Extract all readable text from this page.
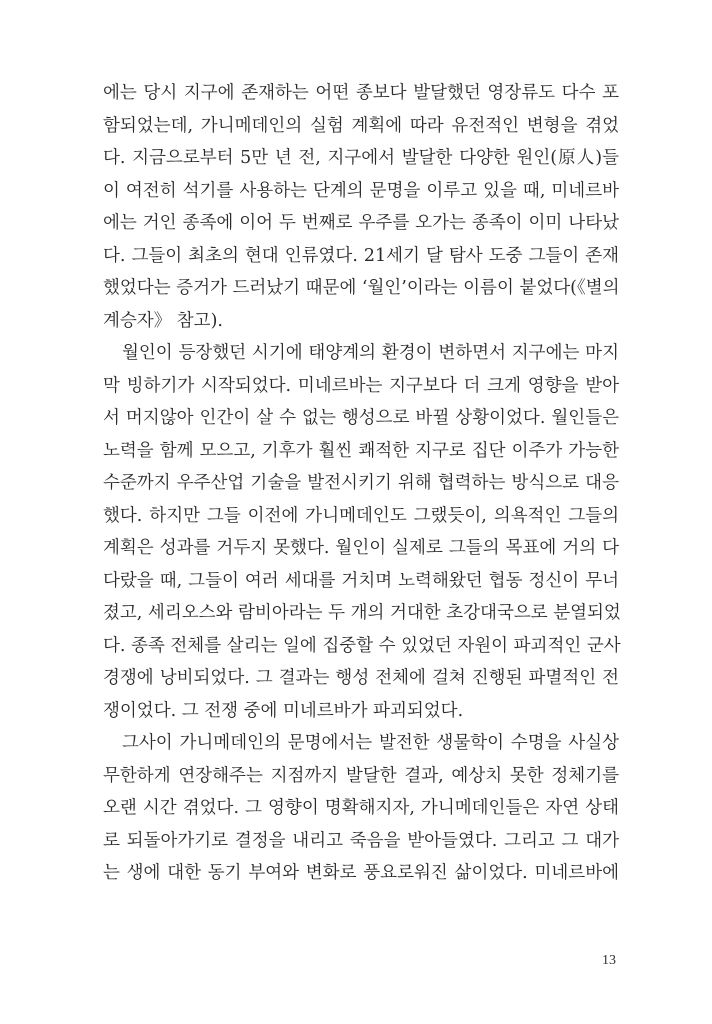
에는 당시 지구에 존재하는 어떤 종보다 발달했던 영장류도 다수 포
함되었는데, 가니메데인의 실험 계획에 따라 유전적인 변형을 겪었
다. 지금으로부터 5만 년 전, 지구에서 발달한 다양한 원인(原人)들
이 여전히 석기를 사용하는 단계의 문명을 이루고 있을 때, 미네르바
에는 거인 종족에 이어 두 번째로 우주를 오가는 종족이 이미 나타났
다. 그들이 최초의 현대 인류였다. 21세기 달 탐사 도중 그들이 존재
했었다는 증거가 드러났기 때문에 ‘월인’이라는 이름이 붙었다(《별의
계승자》 참고).
월인이 등장했던 시기에 태양계의 환경이 변하면서 지구에는 마지
막 빙하기가 시작되었다. 미네르바는 지구보다 더 크게 영향을 받아
서 머지않아 인간이 살 수 없는 행성으로 바뀔 상황이었다. 월인들은
노력을 함께 모으고, 기후가 훨씬 쾌적한 지구로 집단 이주가 가능한
수준까지 우주산업 기술을 발전시키기 위해 협력하는 방식으로 대응
했다. 하지만 그들 이전에 가니메데인도 그랬듯이, 의욕적인 그들의
계획은 성과를 거두지 못했다. 월인이 실제로 그들의 목표에 거의 다
다랐을 때, 그들이 여러 세대를 거치며 노력해왔던 협동 정신이 무너
졌고, 세리오스와 람비아라는 두 개의 거대한 초강대국으로 분열되었
다. 종족 전체를 살리는 일에 집중할 수 있었던 자원이 파괴적인 군사
경쟁에 낭비되었다. 그 결과는 행성 전체에 걸쳐 진행된 파멸적인 전
쟁이었다. 그 전쟁 중에 미네르바가 파괴되었다.
그사이 가니메데인의 문명에서는 발전한 생물학이 수명을 사실상
무한하게 연장해주는 지점까지 발달한 결과, 예상치 못한 정체기를
오랜 시간 겪었다. 그 영향이 명확해지자, 가니메데인들은 자연 상태
로 되돌아가기로 결정을 내리고 죽음을 받아들였다. 그리고 그 대가
는 생에 대한 동기 부여와 변화로 풍요로워진 삶이었다. 미네르바에
13
